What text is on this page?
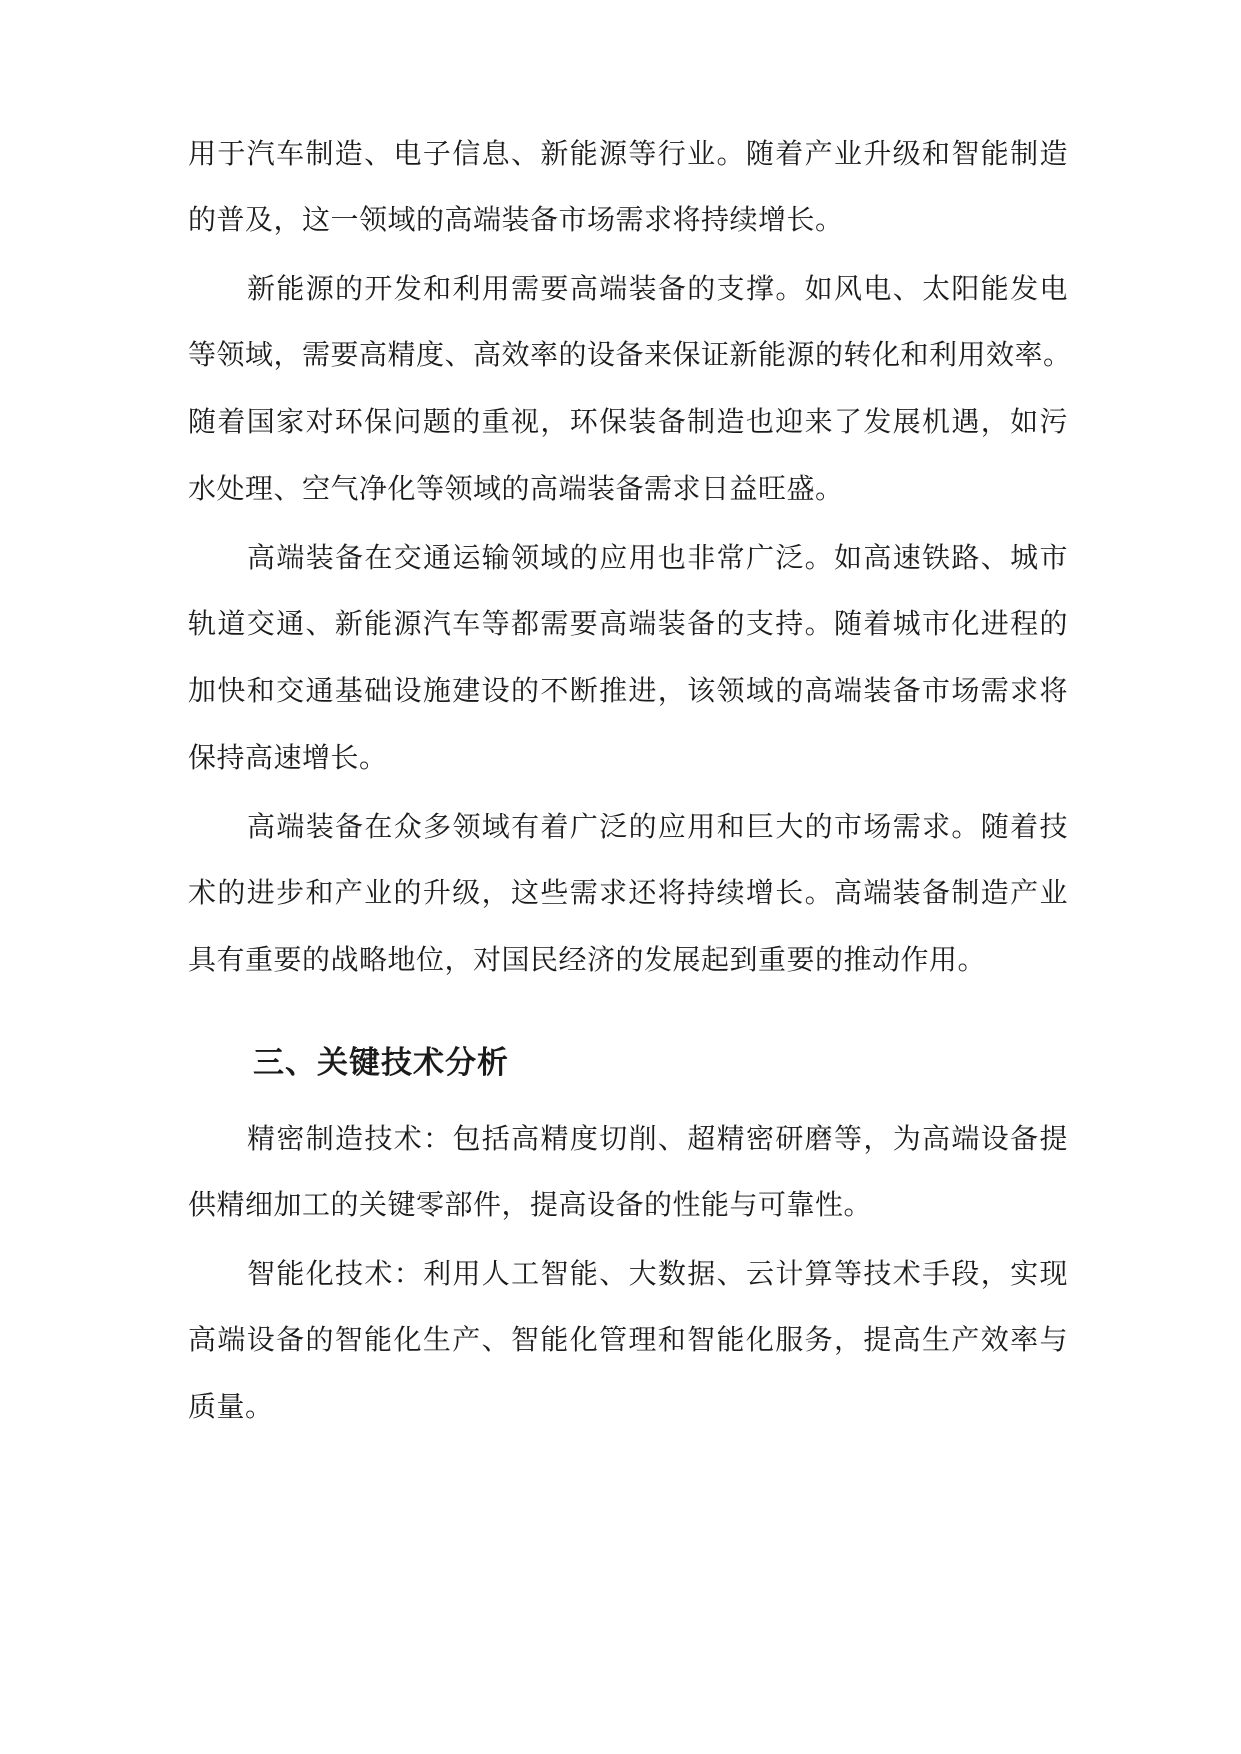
用于汽车制造、电子信息、新能源等行业。随着产业升级和智能制造
的普及，这一领域的高端装备市场需求将持续增长。
新能源的开发和利用需要高端装备的支撑。如风电、太阳能发电
等领域，需要高精度、高效率的设备来保证新能源的转化和利用效率。
随着国家对环保问题的重视，环保装备制造也迎来了发展机遇，如污
水处理、空气净化等领域的高端装备需求日益旺盛。
高端装备在交通运输领域的应用也非常广泛。如高速铁路、城市
轨道交通、新能源汽车等都需要高端装备的支持。随着城市化进程的
加快和交通基础设施建设的不断推进，该领域的高端装备市场需求将
保持高速增长。
高端装备在众多领域有着广泛的应用和巨大的市场需求。随着技
术的进步和产业的升级，这些需求还将持续增长。高端装备制造产业
具有重要的战略地位，对国民经济的发展起到重要的推动作用。
三、关键技术分析
精密制造技术：包括高精度切削、超精密研磨等，为高端设备提
供精细加工的关键零部件，提高设备的性能与可靠性。
智能化技术：利用人工智能、大数据、云计算等技术手段，实现
高端设备的智能化生产、智能化管理和智能化服务，提高生产效率与
质量。
